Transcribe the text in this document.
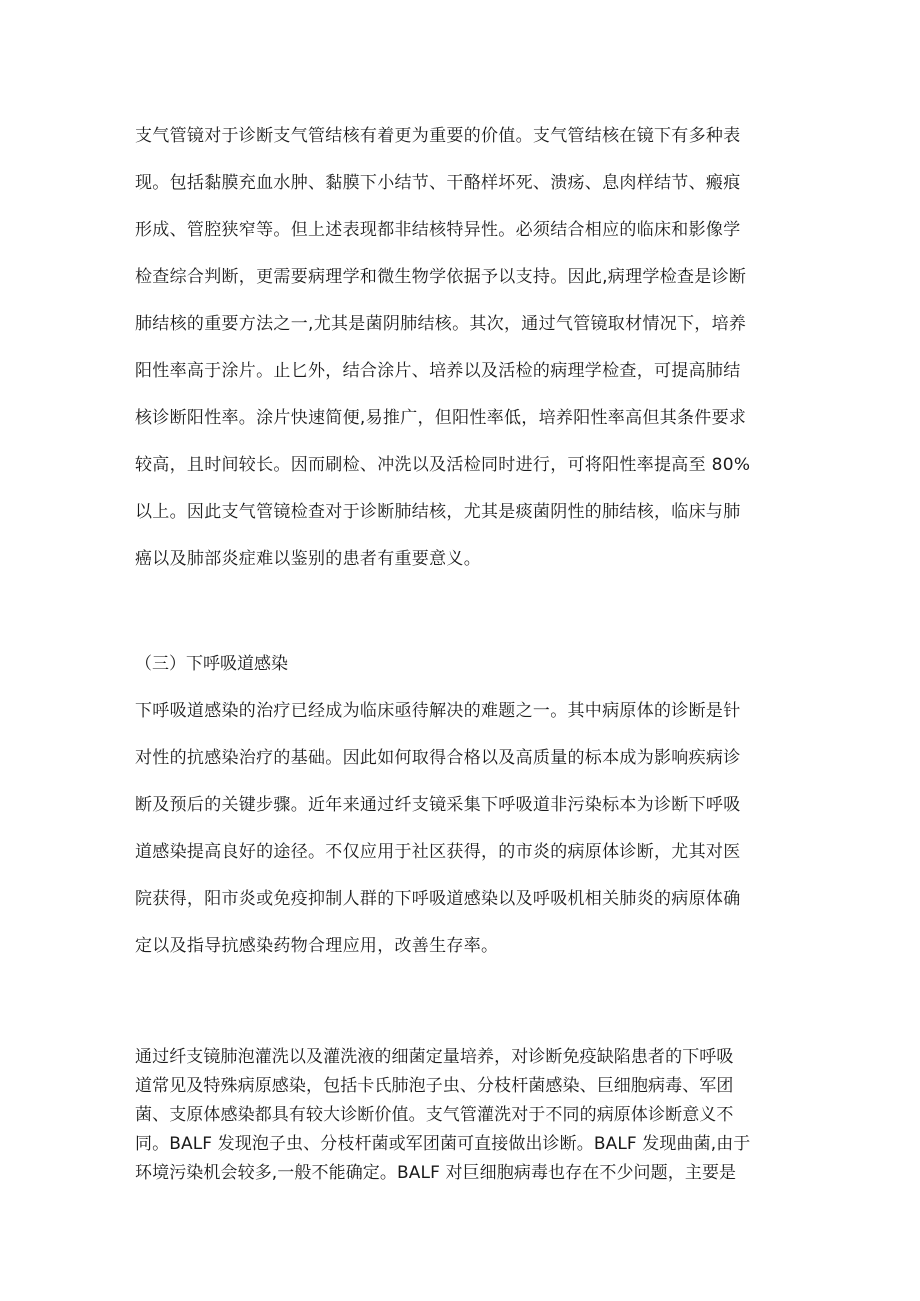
支气管镜对于诊断支气管结核有着更为重要的价值。支气管结核在镜下有多种表
现。包括黏膜充血水肿、黏膜下小结节、干酪样坏死、溃疡、息肉样结节、瘢痕
形成、管腔狭窄等。但上述表现都非结核特异性。必须结合相应的临床和影像学
检查综合判断，更需要病理学和微生物学依据予以支持。因此,病理学检查是诊断
肺结核的重要方法之一,尤其是菌阴肺结核。其次，通过气管镜取材情况下，培养
阳性率高于涂片。止匕外，结合涂片、培养以及活检的病理学检查，可提高肺结
核诊断阳性率。涂片快速简便,易推广，但阳性率低，培养阳性率高但其条件要求
较高，且时间较长。因而刷检、冲洗以及活检同时进行，可将阳性率提高至 80%
以上。因此支气管镜检查对于诊断肺结核，尤其是痰菌阴性的肺结核，临床与肺
癌以及肺部炎症难以鉴别的患者有重要意义。
（三）下呼吸道感染
下呼吸道感染的治疗已经成为临床亟待解决的难题之一。其中病原体的诊断是针
对性的抗感染治疗的基础。因此如何取得合格以及高质量的标本成为影响疾病诊
断及预后的关键步骤。近年来通过纤支镜采集下呼吸道非污染标本为诊断下呼吸
道感染提高良好的途径。不仅应用于社区获得，的市炎的病原体诊断，尤其对医
院获得，阳市炎或免疫抑制人群的下呼吸道感染以及呼吸机相关肺炎的病原体确
定以及指导抗感染药物合理应用，改善生存率。
通过纤支镜肺泡灌洗以及灌洗液的细菌定量培养，对诊断免疫缺陷患者的下呼吸
道常见及特殊病原感染，包括卡氏肺泡子虫、分枝杆菌感染、巨细胞病毒、军团
菌、支原体感染都具有较大诊断价值。支气管灌洗对于不同的病原体诊断意义不
同。BALF 发现泡子虫、分枝杆菌或军团菌可直接做出诊断。BALF 发现曲菌,由于
环境污染机会较多,一般不能确定。BALF 对巨细胞病毒也存在不少问题，主要是
